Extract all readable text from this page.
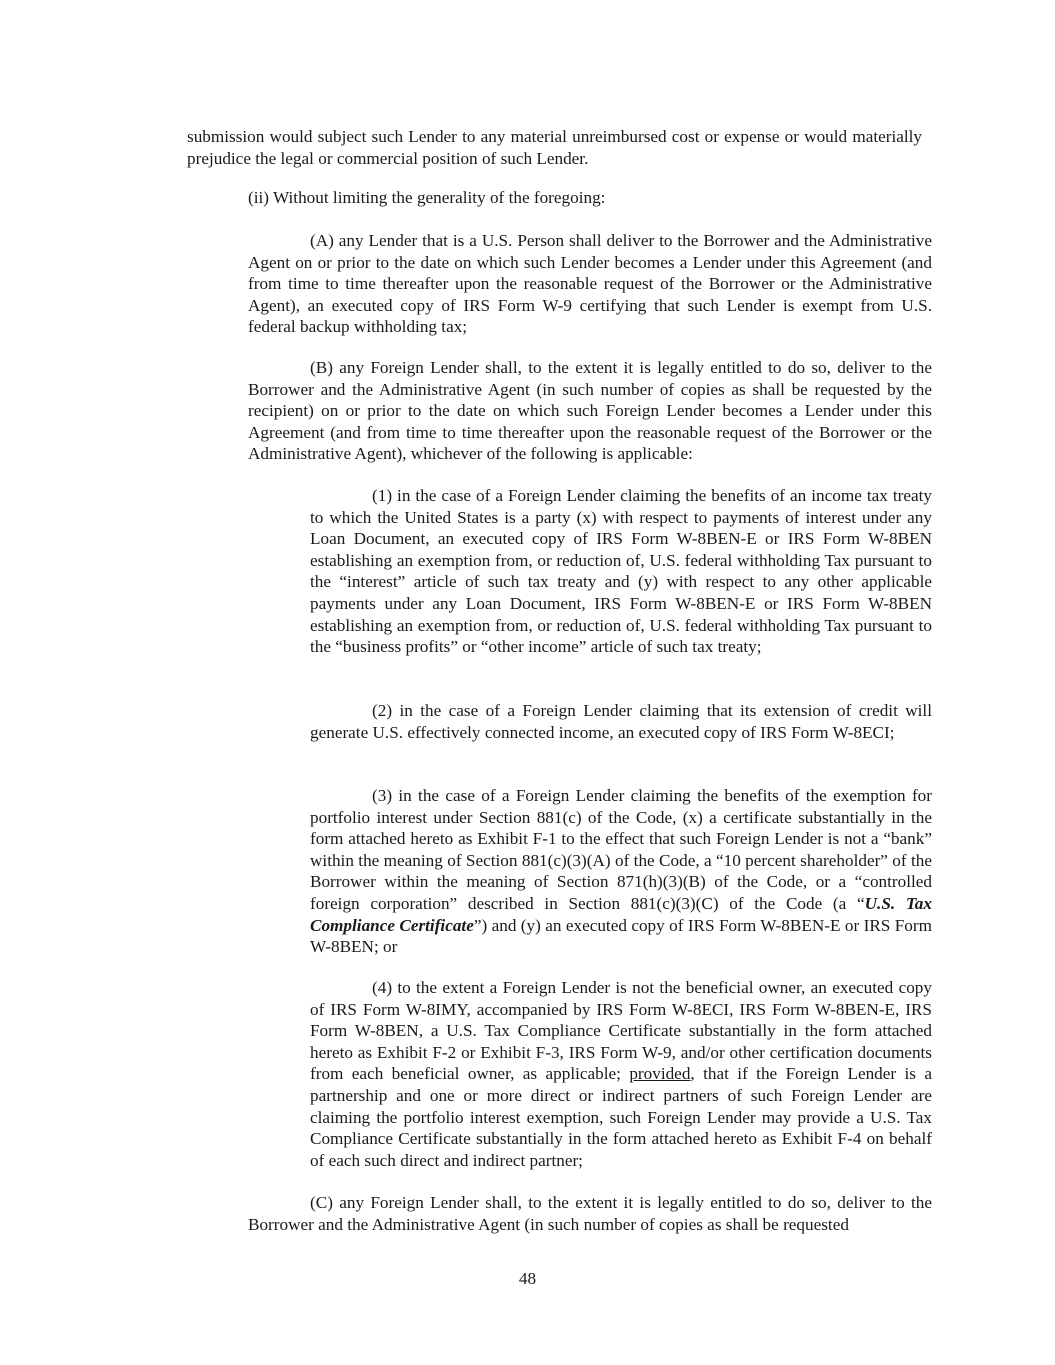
submission would subject such Lender to any material unreimbursed cost or expense or would materially prejudice the legal or commercial position of such Lender.

(ii) Without limiting the generality of the foregoing:

(A) any Lender that is a U.S. Person shall deliver to the Borrower and the Administrative Agent on or prior to the date on which such Lender becomes a Lender under this Agreement (and from time to time thereafter upon the reasonable request of the Borrower or the Administrative Agent), an executed copy of IRS Form W-9 certifying that such Lender is exempt from U.S. federal backup withholding tax;

(B) any Foreign Lender shall, to the extent it is legally entitled to do so, deliver to the Borrower and the Administrative Agent (in such number of copies as shall be requested by the recipient) on or prior to the date on which such Foreign Lender becomes a Lender under this Agreement (and from time to time thereafter upon the reasonable request of the Borrower or the Administrative Agent), whichever of the following is applicable:

(1) in the case of a Foreign Lender claiming the benefits of an income tax treaty to which the United States is a party (x) with respect to payments of interest under any Loan Document, an executed copy of IRS Form W-8BEN-E or IRS Form W-8BEN establishing an exemption from, or reduction of, U.S. federal withholding Tax pursuant to the “interest” article of such tax treaty and (y) with respect to any other applicable payments under any Loan Document, IRS Form W-8BEN-E or IRS Form W-8BEN establishing an exemption from, or reduction of, U.S. federal withholding Tax pursuant to the “business profits” or “other income” article of such tax treaty;

(2) in the case of a Foreign Lender claiming that its extension of credit will generate U.S. effectively connected income, an executed copy of IRS Form W-8ECI;

(3) in the case of a Foreign Lender claiming the benefits of the exemption for portfolio interest under Section 881(c) of the Code, (x) a certificate substantially in the form attached hereto as Exhibit F-1 to the effect that such Foreign Lender is not a “bank” within the meaning of Section 881(c)(3)(A) of the Code, a “10 percent shareholder” of the Borrower within the meaning of Section 871(h)(3)(B) of the Code, or a “controlled foreign corporation” described in Section 881(c)(3)(C) of the Code (a “U.S. Tax Compliance Certificate”) and (y) an executed copy of IRS Form W-8BEN-E or IRS Form W-8BEN; or

(4) to the extent a Foreign Lender is not the beneficial owner, an executed copy of IRS Form W-8IMY, accompanied by IRS Form W-8ECI, IRS Form W-8BEN-E, IRS Form W-8BEN, a U.S. Tax Compliance Certificate substantially in the form attached hereto as Exhibit F-2 or Exhibit F-3, IRS Form W-9, and/or other certification documents from each beneficial owner, as applicable; provided, that if the Foreign Lender is a partnership and one or more direct or indirect partners of such Foreign Lender are claiming the portfolio interest exemption, such Foreign Lender may provide a U.S. Tax Compliance Certificate substantially in the form attached hereto as Exhibit F-4 on behalf of each such direct and indirect partner;

(C) any Foreign Lender shall, to the extent it is legally entitled to do so, deliver to the Borrower and the Administrative Agent (in such number of copies as shall be requested

48
